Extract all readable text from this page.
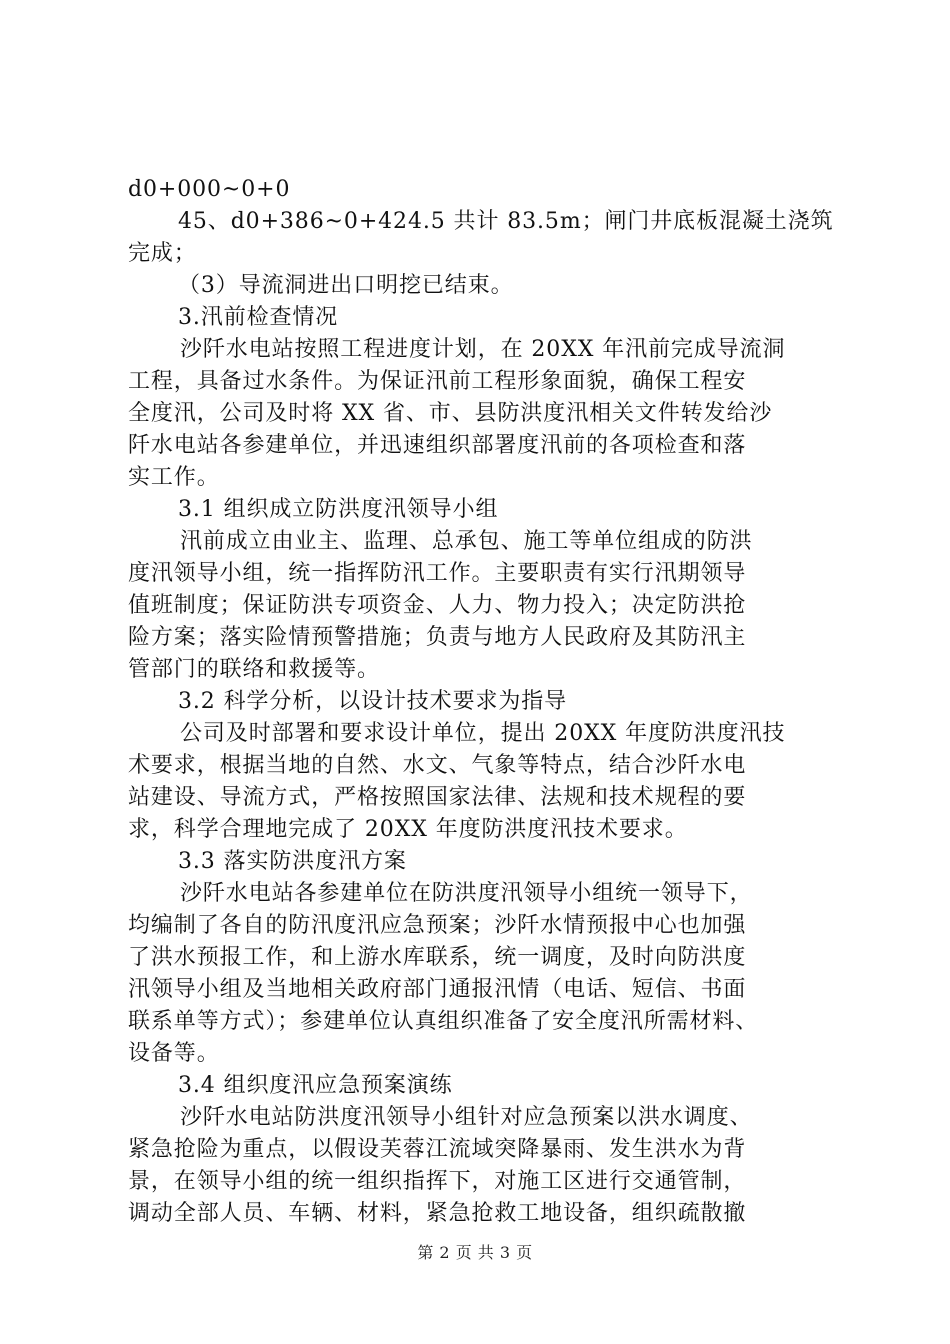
d0+000~0+0
45、d0+386~0+424.5 共计 83.5m；闸门井底板混凝土浇筑
完成；
（3）导流洞进出口明挖已结束。
3.汛前检查情况
沙阡水电站按照工程进度计划，在 20XX 年汛前完成导流洞
工程，具备过水条件。为保证汛前工程形象面貌，确保工程安
全度汛，公司及时将 XX 省、市、县防洪度汛相关文件转发给沙
阡水电站各参建单位，并迅速组织部署度汛前的各项检查和落
实工作。
3.1 组织成立防洪度汛领导小组
汛前成立由业主、监理、总承包、施工等单位组成的防洪
度汛领导小组，统一指挥防汛工作。主要职责有实行汛期领导
值班制度；保证防洪专项资金、人力、物力投入；决定防洪抢
险方案；落实险情预警措施；负责与地方人民政府及其防汛主
管部门的联络和救援等。
3.2 科学分析，以设计技术要求为指导
公司及时部署和要求设计单位，提出 20XX 年度防洪度汛技
术要求，根据当地的自然、水文、气象等特点，结合沙阡水电
站建设、导流方式，严格按照国家法律、法规和技术规程的要
求，科学合理地完成了 20XX 年度防洪度汛技术要求。
3.3 落实防洪度汛方案
沙阡水电站各参建单位在防洪度汛领导小组统一领导下，
均编制了各自的防汛度汛应急预案；沙阡水情预报中心也加强
了洪水预报工作，和上游水库联系，统一调度，及时向防洪度
汛领导小组及当地相关政府部门通报汛情（电话、短信、书面
联系单等方式）；参建单位认真组织准备了安全度汛所需材料、
设备等。
3.4 组织度汛应急预案演练
沙阡水电站防洪度汛领导小组针对应急预案以洪水调度、
紧急抢险为重点，以假设芙蓉江流域突降暴雨、发生洪水为背
景，在领导小组的统一组织指挥下，对施工区进行交通管制，
调动全部人员、车辆、材料，紧急抢救工地设备，组织疏散撤
第 2 页 共 3 页
